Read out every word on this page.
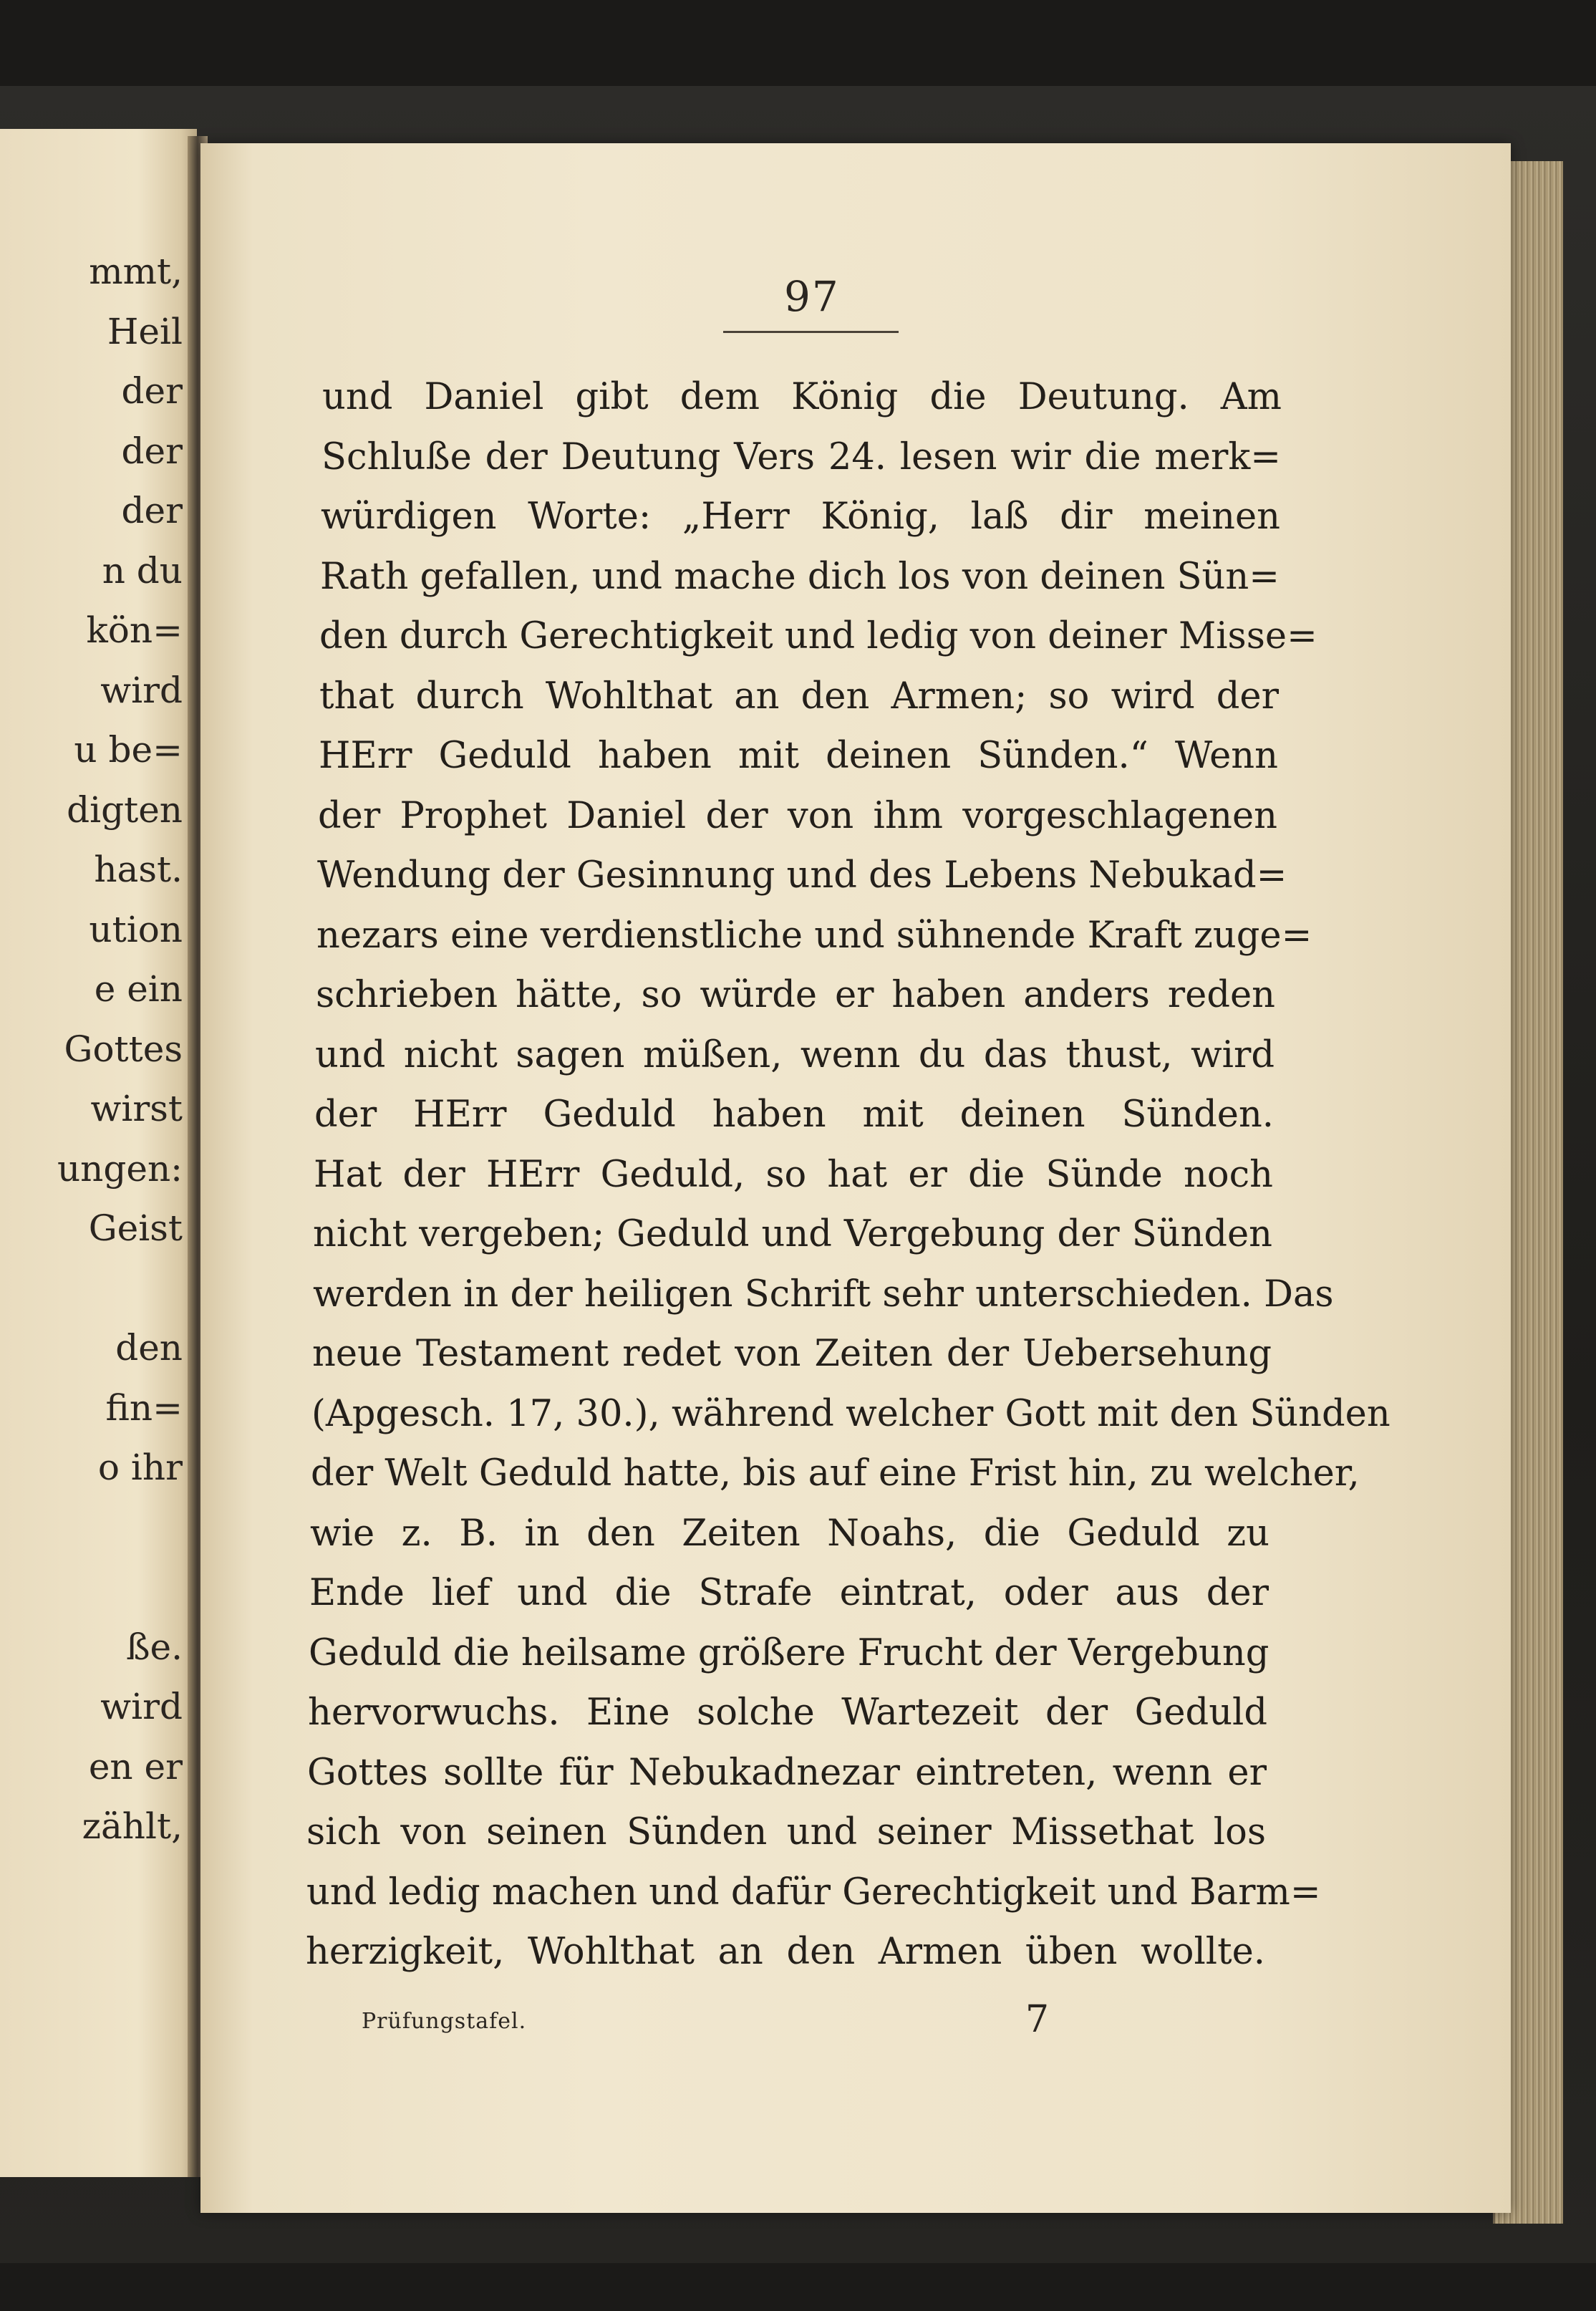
mmt,
Heil
der
der
der
n du
kön=
wird
u be=
digten
hast.
ution
e ein
Gottes
wirst
ungen:
Geist
den
fin=
o ihr
ße.
wird
en er
zählt,
97
und Daniel gibt dem König die Deutung. Am
Schluße der Deutung Vers 24. lesen wir die merk=
würdigen Worte: „Herr König, laß dir meinen
Rath gefallen, und mache dich los von deinen Sün=
den durch Gerechtigkeit und ledig von deiner Misse=
that durch Wohlthat an den Armen; so wird der
HErr Geduld haben mit deinen Sünden.“ Wenn
der Prophet Daniel der von ihm vorgeschlagenen
Wendung der Gesinnung und des Lebens Nebukad=
nezars eine verdienstliche und sühnende Kraft zuge=
schrieben hätte, so würde er haben anders reden
und nicht sagen müßen, wenn du das thust, wird
der HErr Geduld haben mit deinen Sünden.
Hat der HErr Geduld, so hat er die Sünde noch
nicht vergeben; Geduld und Vergebung der Sünden
werden in der heiligen Schrift sehr unterschieden. Das
neue Testament redet von Zeiten der Uebersehung
(Apgesch. 17, 30.), während welcher Gott mit den Sünden
der Welt Geduld hatte, bis auf eine Frist hin, zu welcher,
wie z. B. in den Zeiten Noahs, die Geduld zu
Ende lief und die Strafe eintrat, oder aus der
Geduld die heilsame größere Frucht der Vergebung
hervorwuchs. Eine solche Wartezeit der Geduld
Gottes sollte für Nebukadnezar eintreten, wenn er
sich von seinen Sünden und seiner Missethat los
und ledig machen und dafür Gerechtigkeit und Barm=
herzigkeit, Wohlthat an den Armen üben wollte.
Prüfungstafel.	7
